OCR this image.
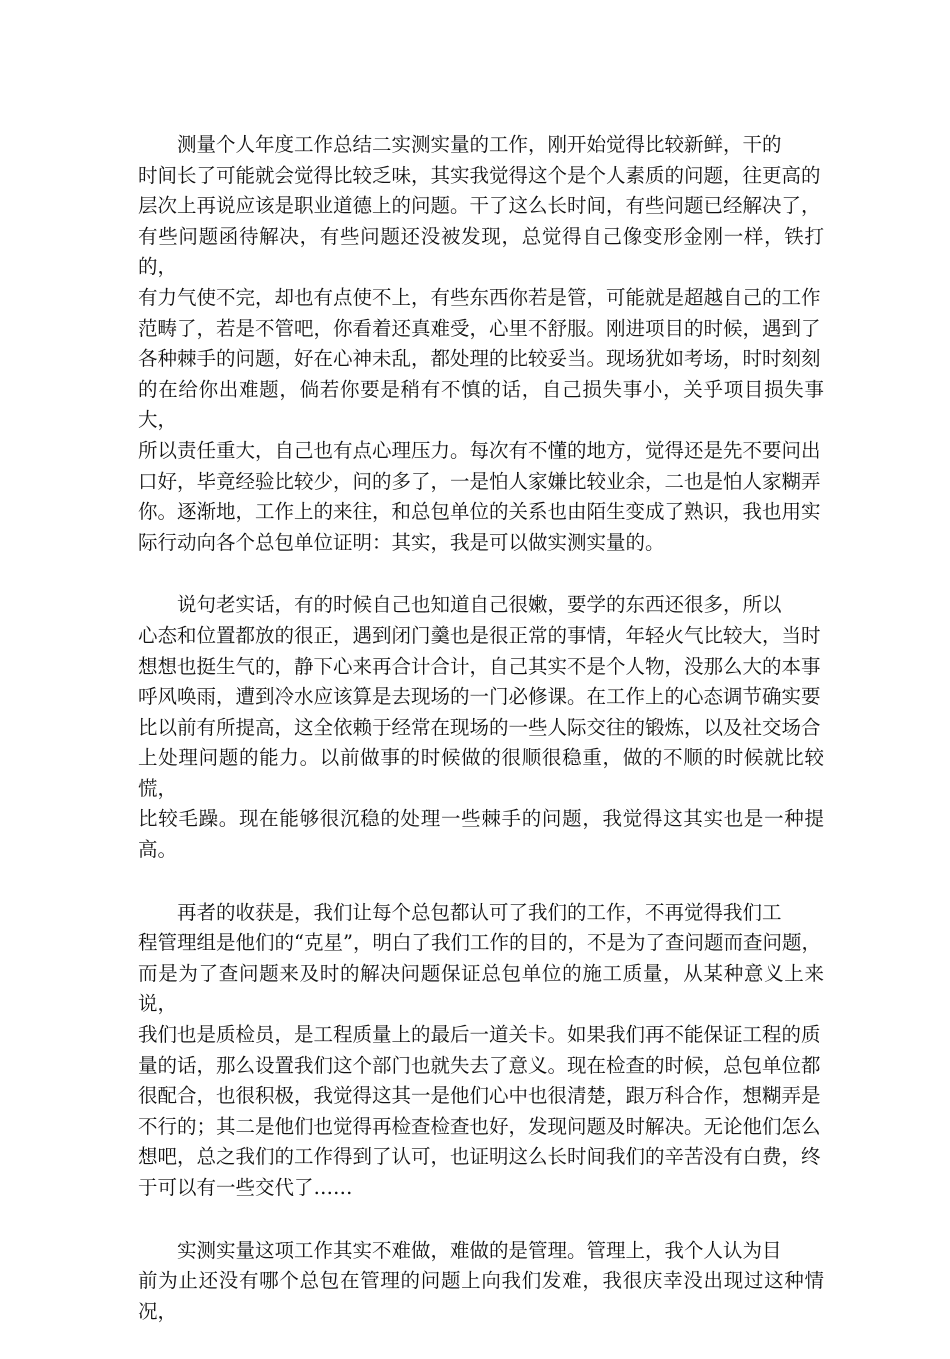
测量个人年度工作总结二实测实量的工作，刚开始觉得比较新鲜，干的
时间长了可能就会觉得比较乏味，其实我觉得这个是个人素质的问题，往更高的
层次上再说应该是职业道德上的问题。干了这么长时间，有些问题已经解决了，
有些问题函待解决，有些问题还没被发现，总觉得自己像变形金刚一样，铁打的，
有力气使不完，却也有点使不上，有些东西你若是管，可能就是超越自己的工作
范畴了，若是不管吧，你看着还真难受，心里不舒服。刚进项目的时候，遇到了
各种棘手的问题，好在心神未乱，都处理的比较妥当。现场犹如考场，时时刻刻
的在给你出难题，倘若你要是稍有不慎的话，自己损失事小，关乎项目损失事大，
所以责任重大，自己也有点心理压力。每次有不懂的地方，觉得还是先不要问出
口好，毕竟经验比较少，问的多了，一是怕人家嫌比较业余，二也是怕人家糊弄
你。逐渐地，工作上的来往，和总包单位的关系也由陌生变成了熟识，我也用实
际行动向各个总包单位证明：其实，我是可以做实测实量的。

说句老实话，有的时候自己也知道自己很嫩，要学的东西还很多，所以
心态和位置都放的很正，遇到闭门羹也是很正常的事情，年轻火气比较大，当时
想想也挺生气的，静下心来再合计合计，自己其实不是个人物，没那么大的本事
呼风唤雨，遭到冷水应该算是去现场的一门必修课。在工作上的心态调节确实要
比以前有所提高，这全依赖于经常在现场的一些人际交往的锻炼，以及社交场合
上处理问题的能力。以前做事的时候做的很顺很稳重，做的不顺的时候就比较慌，
比较毛躁。现在能够很沉稳的处理一些棘手的问题，我觉得这其实也是一种提高。

再者的收获是，我们让每个总包都认可了我们的工作，不再觉得我们工
程管理组是他们的“克星”，明白了我们工作的目的，不是为了查问题而查问题，
而是为了查问题来及时的解决问题保证总包单位的施工质量，从某种意义上来说，
我们也是质检员，是工程质量上的最后一道关卡。如果我们再不能保证工程的质
量的话，那么设置我们这个部门也就失去了意义。现在检查的时候，总包单位都
很配合，也很积极，我觉得这其一是他们心中也很清楚，跟万科合作，想糊弄是
不行的；其二是他们也觉得再检查检查也好，发现问题及时解决。无论他们怎么
想吧，总之我们的工作得到了认可，也证明这么长时间我们的辛苦没有白费，终
于可以有一些交代了……

实测实量这项工作其实不难做，难做的是管理。管理上，我个人认为目
前为止还没有哪个总包在管理的问题上向我们发难，我很庆幸没出现过这种情况，
